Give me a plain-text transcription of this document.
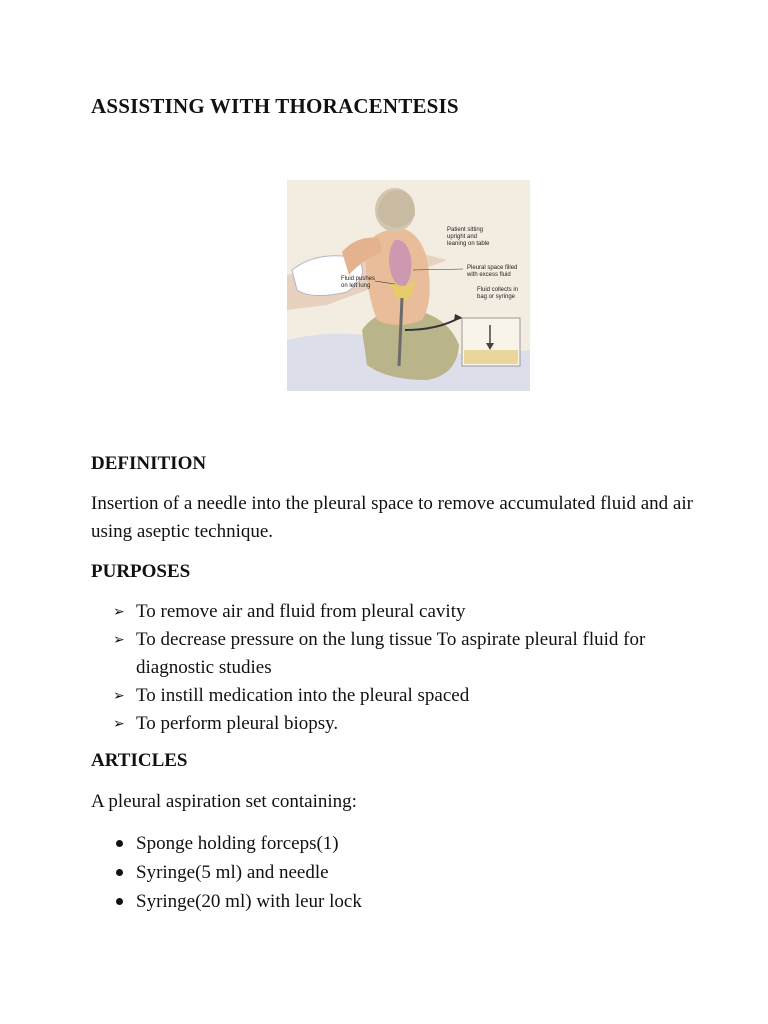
ASSISTING WITH THORACENTESIS
Patient sitting
upright and
leaning on table
Pleural space filled
with excess fluid
Fluid pushes
on left lung
Fluid collects in
bag or syringe
DEFINITION

Insertion of a needle into the pleural space to remove accumulated fluid and air using aseptic technique.

PURPOSES
➢ To remove air and fluid from pleural cavity
➢ To decrease pressure on the lung tissue To aspirate pleural fluid for diagnostic studies
➢ To instill medication into the pleural spaced
➢ To perform pleural biopsy.
ARTICLES

A pleural aspiration set containing:

Sponge holding forceps(1)
Syringe(5 ml) and needle
Syringe(20 ml) with leur lock
